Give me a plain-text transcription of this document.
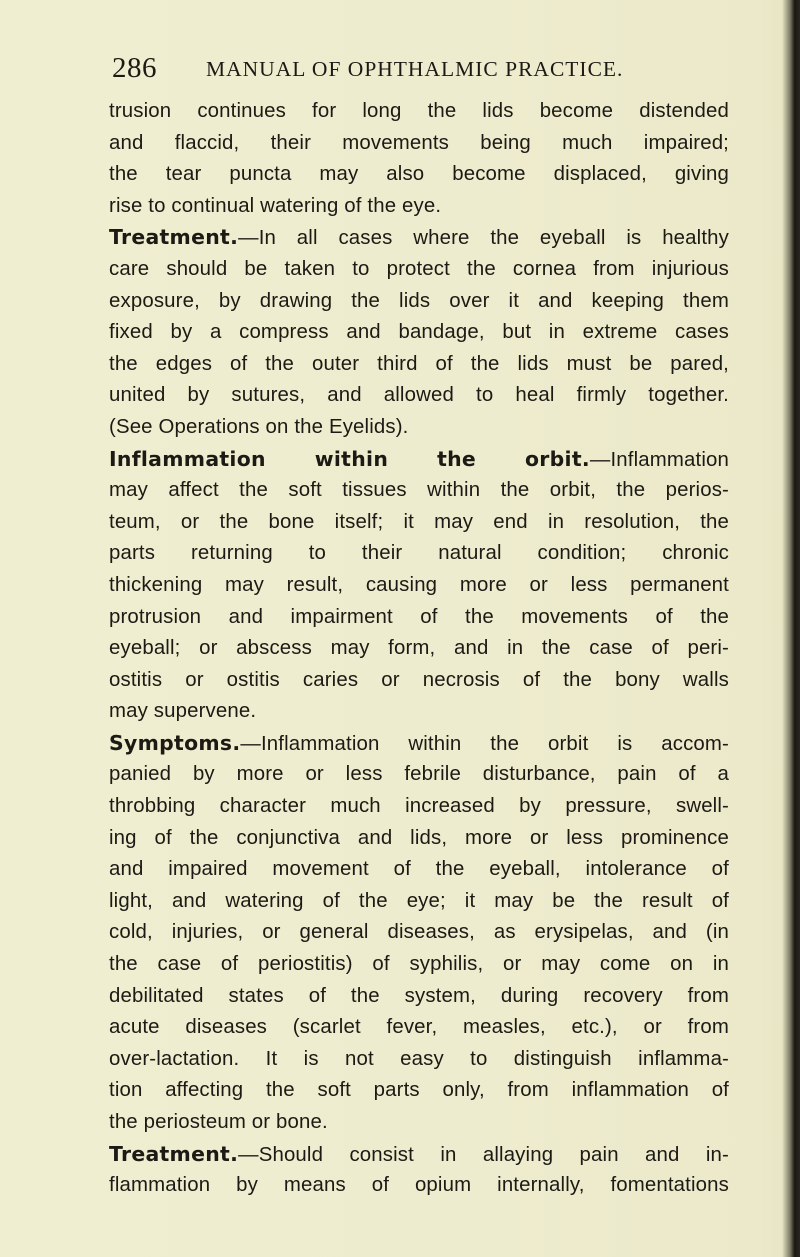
286 MANUAL OF OPHTHALMIC PRACTICE.
trusion continues for long the lids become distended
and flaccid, their movements being much impaired;
the tear puncta may also become displaced, giving
rise to continual watering of the eye.
Treatment.—In all cases where the eyeball is healthy
care should be taken to protect the cornea from injurious
exposure, by drawing the lids over it and keeping them
fixed by a compress and bandage, but in extreme cases
the edges of the outer third of the lids must be pared,
united by sutures, and allowed to heal firmly together.
(See Operations on the Eyelids).
Inflammation within the orbit.—Inflammation
may affect the soft tissues within the orbit, the perios-
teum, or the bone itself; it may end in resolution, the
parts returning to their natural condition; chronic
thickening may result, causing more or less permanent
protrusion and impairment of the movements of the
eyeball; or abscess may form, and in the case of peri-
ostitis or ostitis caries or necrosis of the bony walls
may supervene.
Symptoms.—Inflammation within the orbit is accom-
panied by more or less febrile disturbance, pain of a
throbbing character much increased by pressure, swell-
ing of the conjunctiva and lids, more or less prominence
and impaired movement of the eyeball, intolerance of
light, and watering of the eye; it may be the result of
cold, injuries, or general diseases, as erysipelas, and (in
the case of periostitis) of syphilis, or may come on in
debilitated states of the system, during recovery from
acute diseases (scarlet fever, measles, etc.), or from
over-lactation. It is not easy to distinguish inflamma-
tion affecting the soft parts only, from inflammation of
the periosteum or bone.
Treatment.—Should consist in allaying pain and in-
flammation by means of opium internally, fomentations
